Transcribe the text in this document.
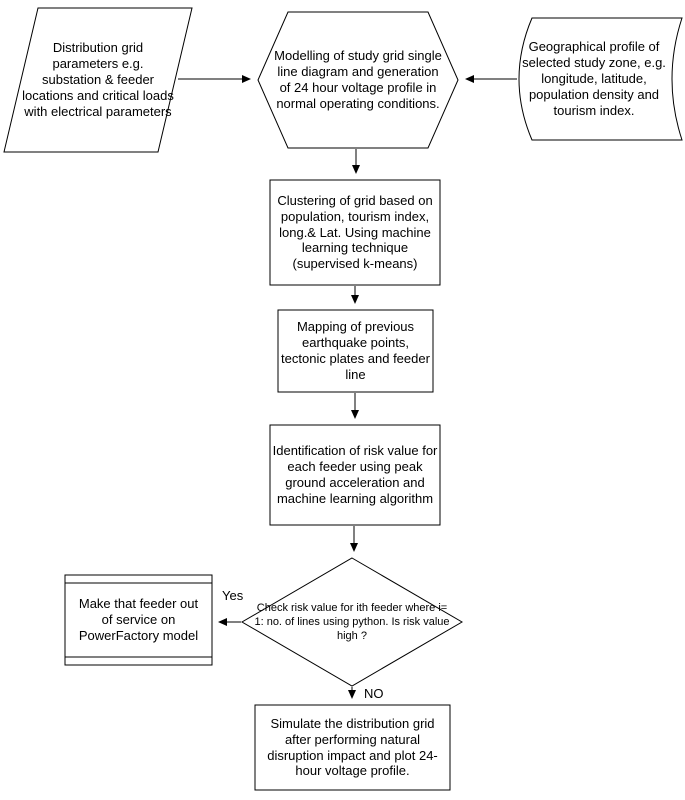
Distribution grid parameters e.g. substation & feeder locations and critical loads with electrical parameters
Modelling of study grid single line diagram and generation of 24 hour voltage profile in normal operating conditions.
Geographical profile of selected study zone, e.g. longitude, latitude, population density and tourism index.
Clustering of grid based on population, tourism index, long.& Lat. Using machine learning technique (supervised k-means)
Mapping of previous earthquake points, tectonic plates and feeder line
Identification of risk value for each feeder using peak ground acceleration and machine learning algorithm
Check risk value for ith feeder where i= 1: no. of lines using python. Is risk value high ?
Make that feeder out of service on PowerFactory model
Simulate the distribution grid after performing natural disruption impact and plot 24-hour voltage profile.
Yes
NO
